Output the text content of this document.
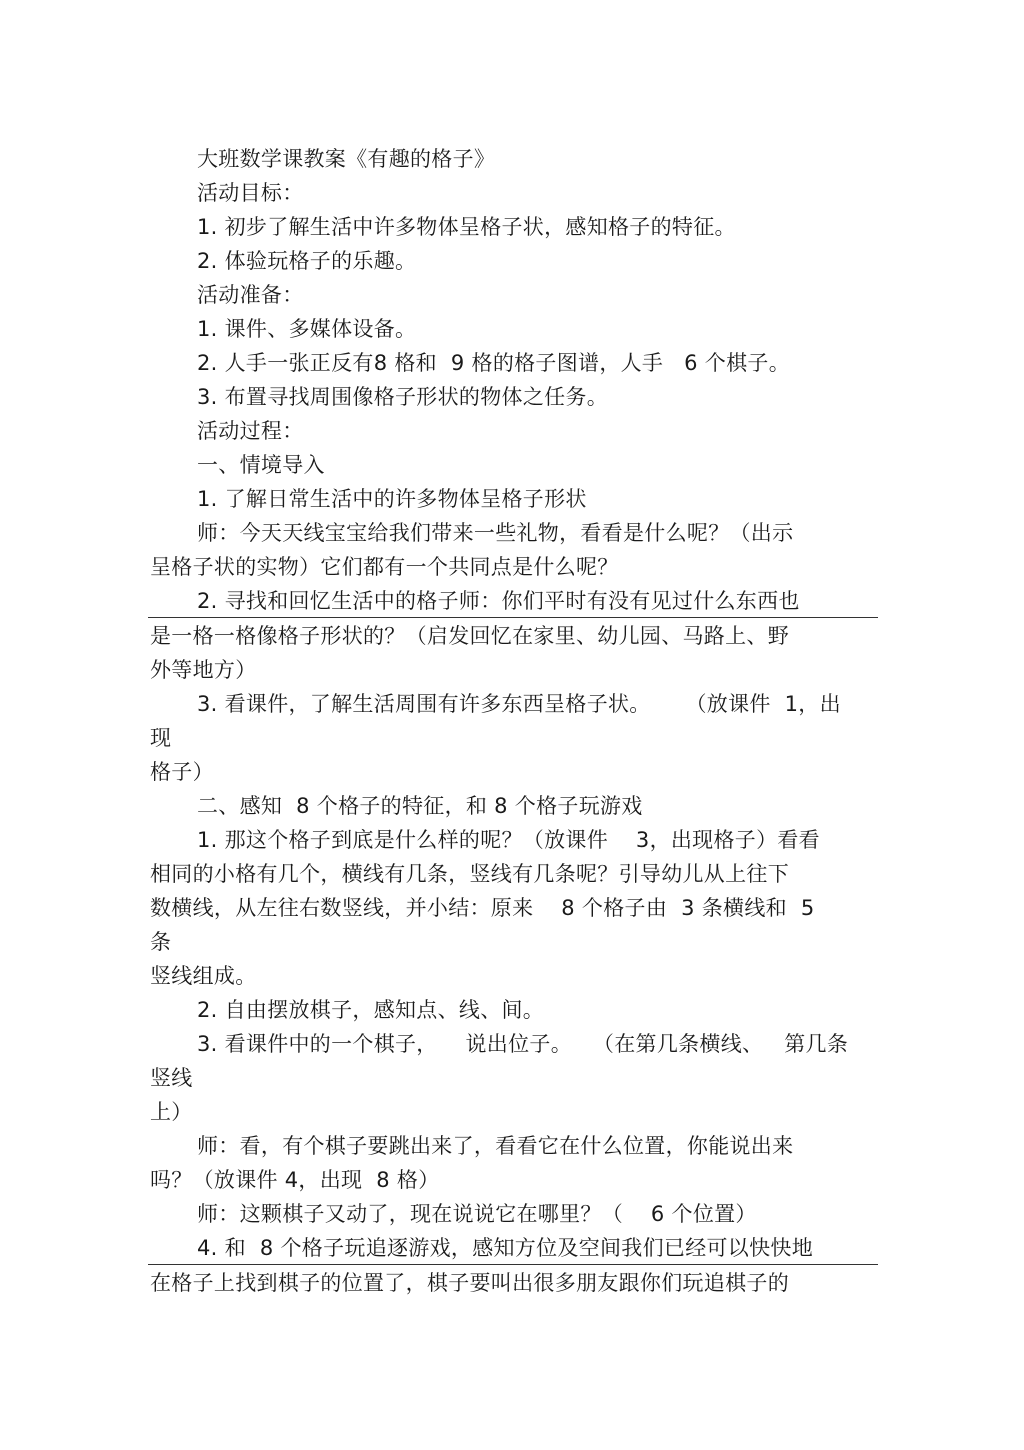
大班数学课教案《有趣的格子》
活动目标：
1. 初步了解生活中许多物体呈格子状，感知格子的特征。
2. 体验玩格子的乐趣。
活动准备：
1. 课件、多媒体设备。
2. 人手一张正反有8 格和  9 格的格子图谱，人手   6 个棋子。
3. 布置寻找周围像格子形状的物体之任务。
活动过程：
一、情境导入
1. 了解日常生活中的许多物体呈格子形状
师：今天天线宝宝给我们带来一些礼物，看看是什么呢？（出示
呈格子状的实物）它们都有一个共同点是什么呢？
2. 寻找和回忆生活中的格子师：你们平时有没有见过什么东西也
是一格一格像格子形状的？（启发回忆在家里、幼儿园、马路上、野
外等地方）
3. 看课件，了解生活周围有许多东西呈格子状。     （放课件  1，出
现
格子）
二、感知  8 个格子的特征，和 8 个格子玩游戏
1. 那这个格子到底是什么样的呢？（放课件    3，出现格子）看看
相同的小格有几个，横线有几条，竖线有几条呢？引导幼儿从上往下
数横线，从左往右数竖线，并小结：原来    8 个格子由  3 条横线和  5
条
竖线组成。
2. 自由摆放棋子，感知点、线、间。
3. 看课件中的一个棋子，    说出位子。   （在第几条横线、   第几条
竖线
上）
师：看，有个棋子要跳出来了，看看它在什么位置，你能说出来
吗？（放课件 4，出现  8 格）
师：这颗棋子又动了，现在说说它在哪里？（    6 个位置）
4. 和  8 个格子玩追逐游戏，感知方位及空间我们已经可以快快地
在格子上找到棋子的位置了，棋子要叫出很多朋友跟你们玩追棋子的
